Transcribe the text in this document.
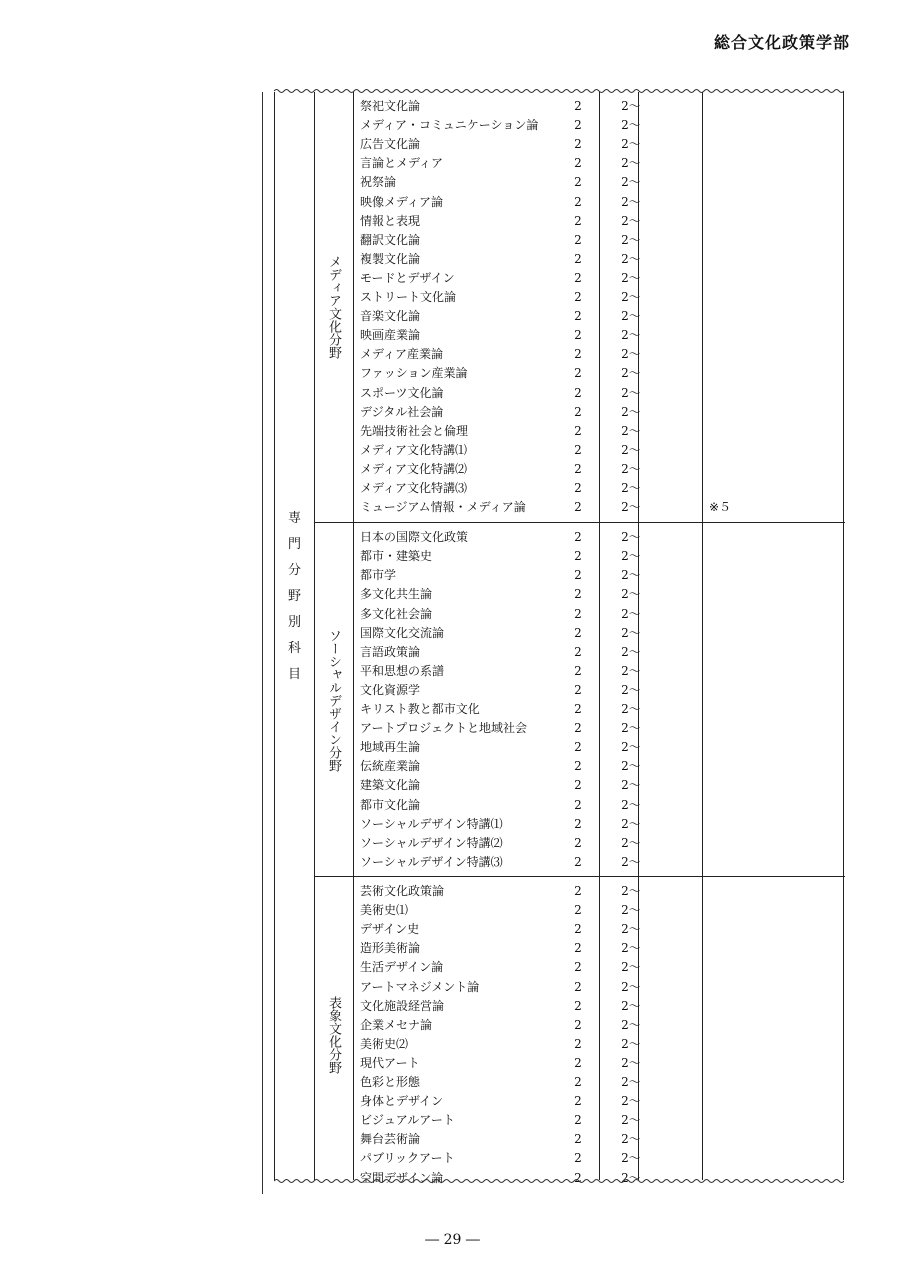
総合文化政策学部
専
門
分
野
別
科
目
メディア文化分野
祭祀文化論	2	2～
メディア・コミュニケーション論	2	2～
広告文化論	2	2～
言論とメディア	2	2～
祝祭論	2	2～
映像メディア論	2	2～
情報と表現	2	2～
翻訳文化論	2	2～
複製文化論	2	2～
モードとデザイン	2	2～
ストリート文化論	2	2～
音楽文化論	2	2～
映画産業論	2	2～
メディア産業論	2	2～
ファッション産業論	2	2～
スポーツ文化論	2	2～
デジタル社会論	2	2～
先端技術社会と倫理	2	2～
メディア文化特講⑴	2	2～
メディア文化特講⑵	2	2～
メディア文化特講⑶	2	2～
ミュージアム情報・メディア論	2	2～	※５
ソーシャルデザイン分野
日本の国際文化政策	2	2～
都市・建築史	2	2～
都市学	2	2～
多文化共生論	2	2～
多文化社会論	2	2～
国際文化交流論	2	2～
言語政策論	2	2～
平和思想の系譜	2	2～
文化資源学	2	2～
キリスト教と都市文化	2	2～
アートプロジェクトと地域社会	2	2～
地域再生論	2	2～
伝統産業論	2	2～
建築文化論	2	2～
都市文化論	2	2～
ソーシャルデザイン特講⑴	2	2～
ソーシャルデザイン特講⑵	2	2～
ソーシャルデザイン特講⑶	2	2～
表象文化分野
芸術文化政策論	2	2～
美術史⑴	2	2～
デザイン史	2	2～
造形美術論	2	2～
生活デザイン論	2	2～
アートマネジメント論	2	2～
文化施設経営論	2	2～
企業メセナ論	2	2～
美術史⑵	2	2～
現代アート	2	2～
色彩と形態	2	2～
身体とデザイン	2	2～
ビジュアルアート	2	2～
舞台芸術論	2	2～
パブリックアート	2	2～
空間デザイン論	2	2～
― 29 ―
